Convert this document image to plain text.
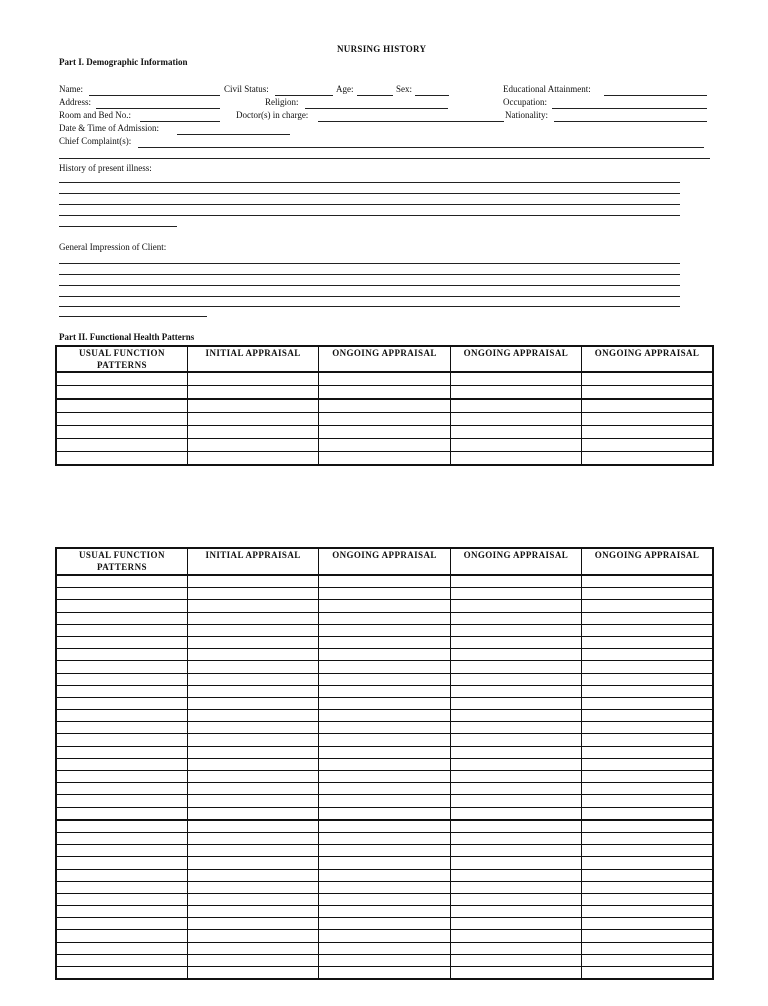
NURSING HISTORY
Part I. Demographic Information
Name:	Civil Status:	Age:	Sex:	Educational Attainment:
Address:	Religion:	Occupation:
Room and Bed No.:	Doctor(s) in charge:	Nationality:
Date & Time of Admission:
Chief Complaint(s):
History of present illness:
General Impression of Client:
Part II. Functional Health Patterns
USUAL FUNCTION PATTERNS	INITIAL APPRAISAL	ONGOING APPRAISAL	ONGOING APPRAISAL	ONGOING APPRAISAL

USUAL FUNCTION PATTERNS	INITIAL APPRAISAL	ONGOING APPRAISAL	ONGOING APPRAISAL	ONGOING APPRAISAL
